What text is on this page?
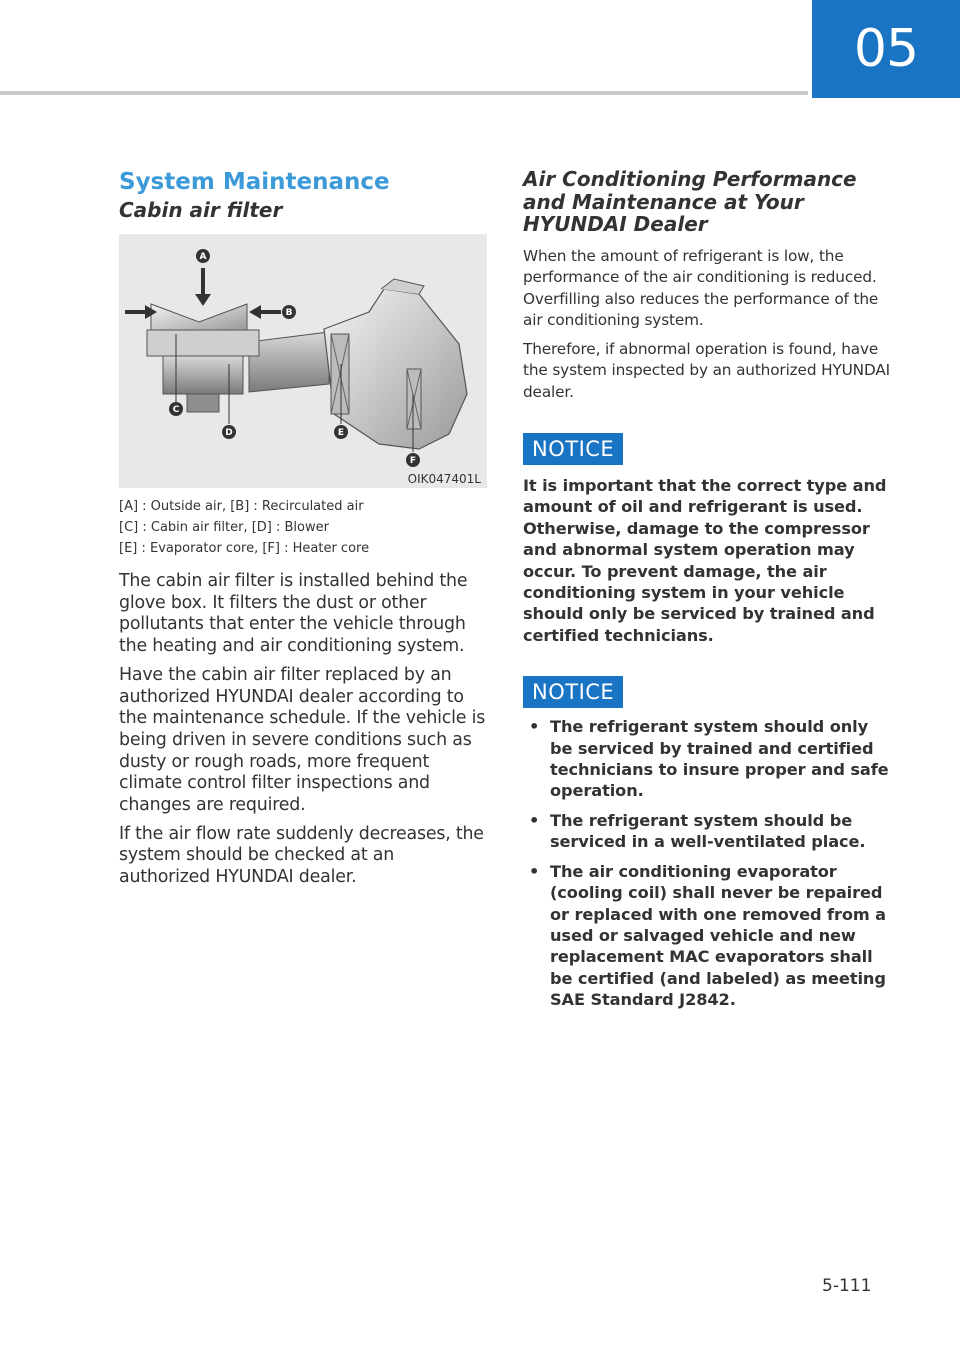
05
System Maintenance
Cabin air filter
A
B
C
D	E
F
OIK047401L
[A] : Outside air, [B] : Recirculated air
[C] : Cabin air filter, [D] : Blower
[E] : Evaporator core, [F] : Heater core

The cabin air filter is installed behind the glove box. It filters the dust or other pollutants that enter the vehicle through the heating and air conditioning system.

Have the cabin air filter replaced by an authorized HYUNDAI dealer according to the maintenance schedule. If the vehicle is being driven in severe conditions such as dusty or rough roads, more frequent climate control filter inspections and changes are required.

If the air flow rate suddenly decreases, the system should be checked at an authorized HYUNDAI dealer.

Air Conditioning Performance and Maintenance at Your HYUNDAI Dealer

When the amount of refrigerant is low, the performance of the air conditioning is reduced. Overfilling also reduces the performance of the air conditioning system.

Therefore, if abnormal operation is found, have the system inspected by an authorized HYUNDAI dealer.

NOTICE

It is important that the correct type and amount of oil and refrigerant is used. Otherwise, damage to the compressor and abnormal system operation may occur. To prevent damage, the air conditioning system in your vehicle should only be serviced by trained and certified technicians.

NOTICE
• The refrigerant system should only be serviced by trained and certified technicians to insure proper and safe operation.
• The refrigerant system should be serviced in a well-ventilated place.
• The air conditioning evaporator (cooling coil) shall never be repaired or replaced with one removed from a used or salvaged vehicle and new replacement MAC evaporators shall be certified (and labeled) as meeting SAE Standard J2842.
5-111
